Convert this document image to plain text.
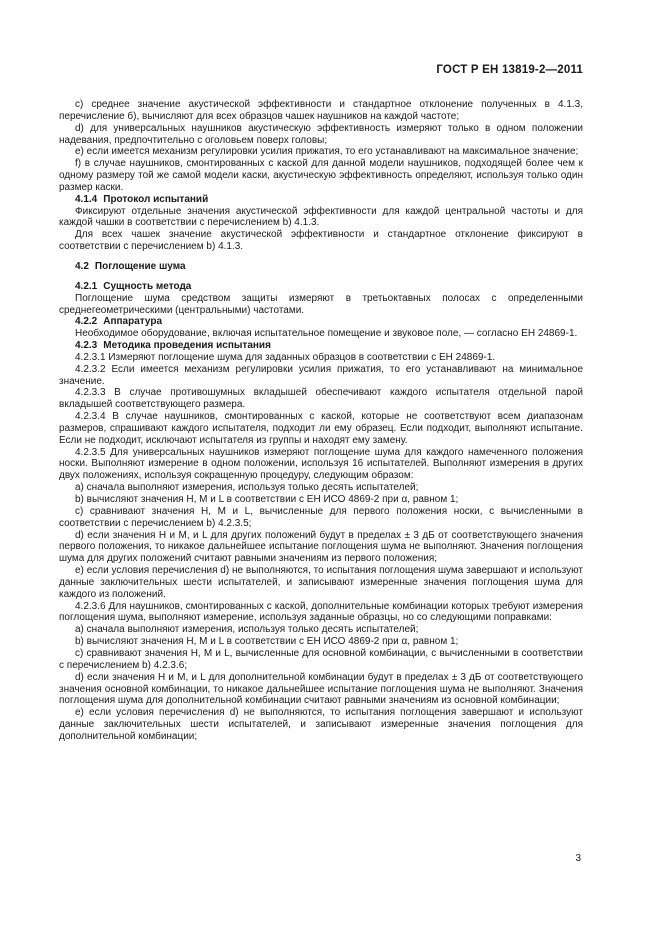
ГОСТ Р ЕН 13819-2—2011

c) среднее значение акустической эффективности и стандартное отклонение полученных в 4.1.3, перечисление б), вычисляют для всех образцов чашек наушников на каждой частоте;

d) для универсальных наушников акустическую эффективность измеряют только в одном положении надевания, предпочтительно с оголовьем поверх головы;

e) если имеется механизм регулировки усилия прижатия, то его устанавливают на максимальное значение;

f) в случае наушников, смонтированных с каской для данной модели наушников, подходящей более чем к одному размеру той же самой модели каски, акустическую эффективность определяют, используя только один размер каски.

4.1.4 Протокол испытаний

Фиксируют отдельные значения акустической эффективности для каждой центральной частоты и для каждой чашки в соответствии с перечислением b) 4.1.3.

Для всех чашек значение акустической эффективности и стандартное отклонение фиксируют в соответствии с перечислением b) 4.1.3.

4.2 Поглощение шума
4.2.1 Сущность метода

Поглощение шума средством защиты измеряют в третьоктавных полосах с определенными среднегеометрическими (центральными) частотами.

4.2.2 Аппаратура

Необходимое оборудование, включая испытательное помещение и звуковое поле, — согласно ЕН 24869-1.

4.2.3 Методика проведения испытания

4.2.3.1 Измеряют поглощение шума для заданных образцов в соответствии с ЕН 24869-1.

4.2.3.2 Если имеется механизм регулировки усилия прижатия, то его устанавливают на минимальное значение.

4.2.3.3 В случае противошумных вкладышей обеспечивают каждого испытателя отдельной парой вкладышей соответствующего размера.

4.2.3.4 В случае наушников, смонтированных с каской, которые не соответствуют всем диапазонам размеров, спрашивают каждого испытателя, подходит ли ему образец. Если подходит, выполняют испытание. Если не подходит, исключают испытателя из группы и находят ему замену.

4.2.3.5 Для универсальных наушников измеряют поглощение шума для каждого намеченного положения носки. Выполняют измерение в одном положении, используя 16 испытателей. Выполняют измерения в других двух положениях, используя сокращенную процедуру, следующим образом:

a) сначала выполняют измерения, используя только десять испытателей;

b) вычисляют значения Н, М и L в соответствии с ЕН ИСО 4869-2 при α, равном 1;

c) сравнивают значения Н, М и L, вычисленные для первого положения носки, с вычисленными в соответствии с перечислением b) 4.2.3.5;

d) если значения Н и М, и L для других положений будут в пределах ± 3 дБ от соответствующего значения первого положения, то никакое дальнейшее испытание поглощения шума не выполняют. Значения поглощения шума для других положений считают равными значениям из первого положения;

e) если условия перечисления d) не выполняются, то испытания поглощения шума завершают и используют данные заключительных шести испытателей, и записывают измеренные значения поглощения шума для каждого из положений.

4.2.3.6 Для наушников, смонтированных с каской, дополнительные комбинации которых требуют измерения поглощения шума, выполняют измерение, используя заданные образцы, но со следующими поправками:

a) сначала выполняют измерения, используя только десять испытателей;

b) вычисляют значения Н, М и L в соответствии с ЕН ИСО 4869-2 при α, равном 1;

c) сравнивают значения Н, М и L, вычисленные для основной комбинации, с вычисленными в соответствии с перечислением b) 4.2.3.6;

d) если значения Н и М, и L для дополнительной комбинации будут в пределах ± 3 дБ от соответствующего значения основной комбинации, то никакое дальнейшее испытание поглощения шума не выполняют. Значения поглощения шума для дополнительной комбинации считают равными значениям из основной комбинации;

e) если условия перечисления d) не выполняются, то испытания поглощения завершают и используют данные заключительных шести испытателей, и записывают измеренные значения поглощения для дополнительной комбинации;

3
